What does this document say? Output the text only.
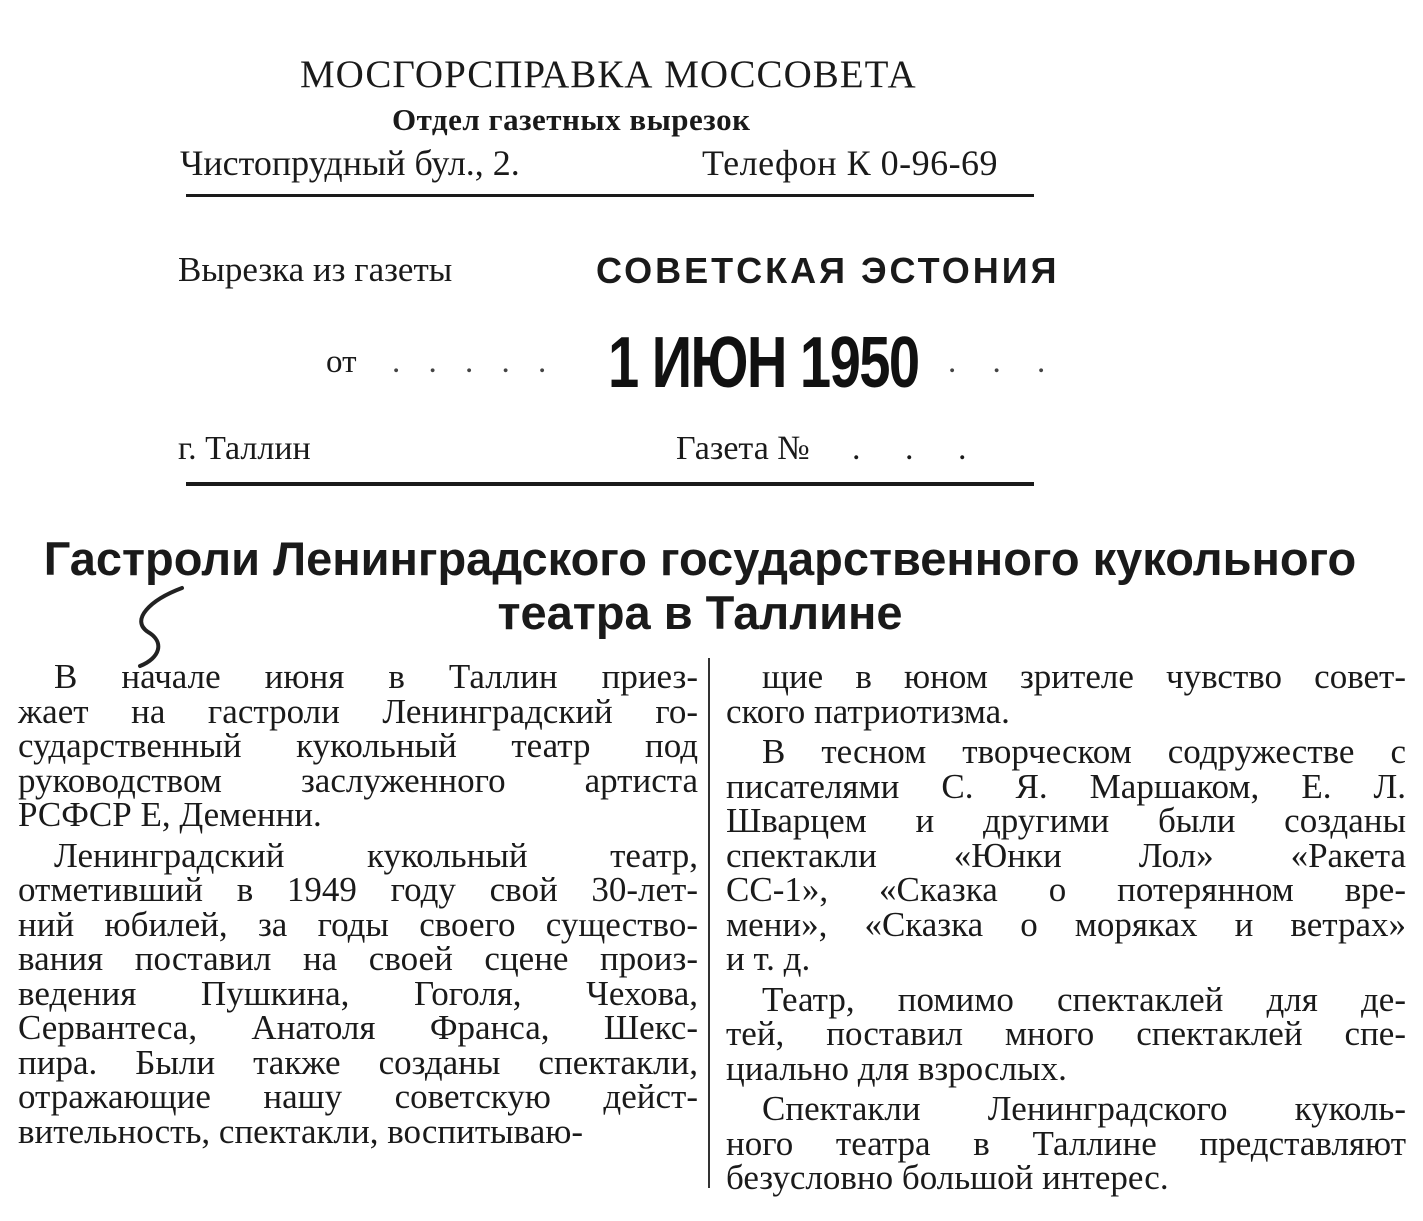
МОСГОРСПРАВКА МОССОВЕТА
Отдел газетных вырезок
Чистопрудный бул., 2.	Телефон К 0-96-69
Вырезка из газеты	СОВЕТСКАЯ ЭСТОНИЯ
от . . . . . 1 ИЮН 1950 . . .
г. Таллин	Газета № . . .
Гастроли Ленинградского государственного кукольного
театра в Таллине
В начале июня в Таллин приез-
жает на гастроли Ленинградский го-
сударственный кукольный театр под
руководством заслуженного артиста
РСФСР Е, Деменни.
Ленинградский кукольный театр,
отметивший в 1949 году свой 30-лет-
ний юбилей, за годы своего существо-
вания поставил на своей сцене произ-
ведения Пушкина, Гоголя, Чехова,
Сервантеса, Анатоля Франса, Шекс-
пира. Были также созданы спектакли,
отражающие нашу советскую дейст-
вительность, спектакли, воспитываю-
щие в юном зрителе чувство совет-
ского патриотизма.
В тесном творческом содружестве с
писателями С. Я. Маршаком, Е. Л.
Шварцем и другими были созданы
спектакли «Юнки Лол» «Ракета
СС-1», «Сказка о потерянном вре-
мени», «Сказка о моряках и ветрах»
и т. д.
Театр, помимо спектаклей для де-
тей, поставил много спектаклей спе-
циально для взрослых.
Спектакли Ленинградского куколь-
ного театра в Таллине представляют
безусловно большой интерес.
